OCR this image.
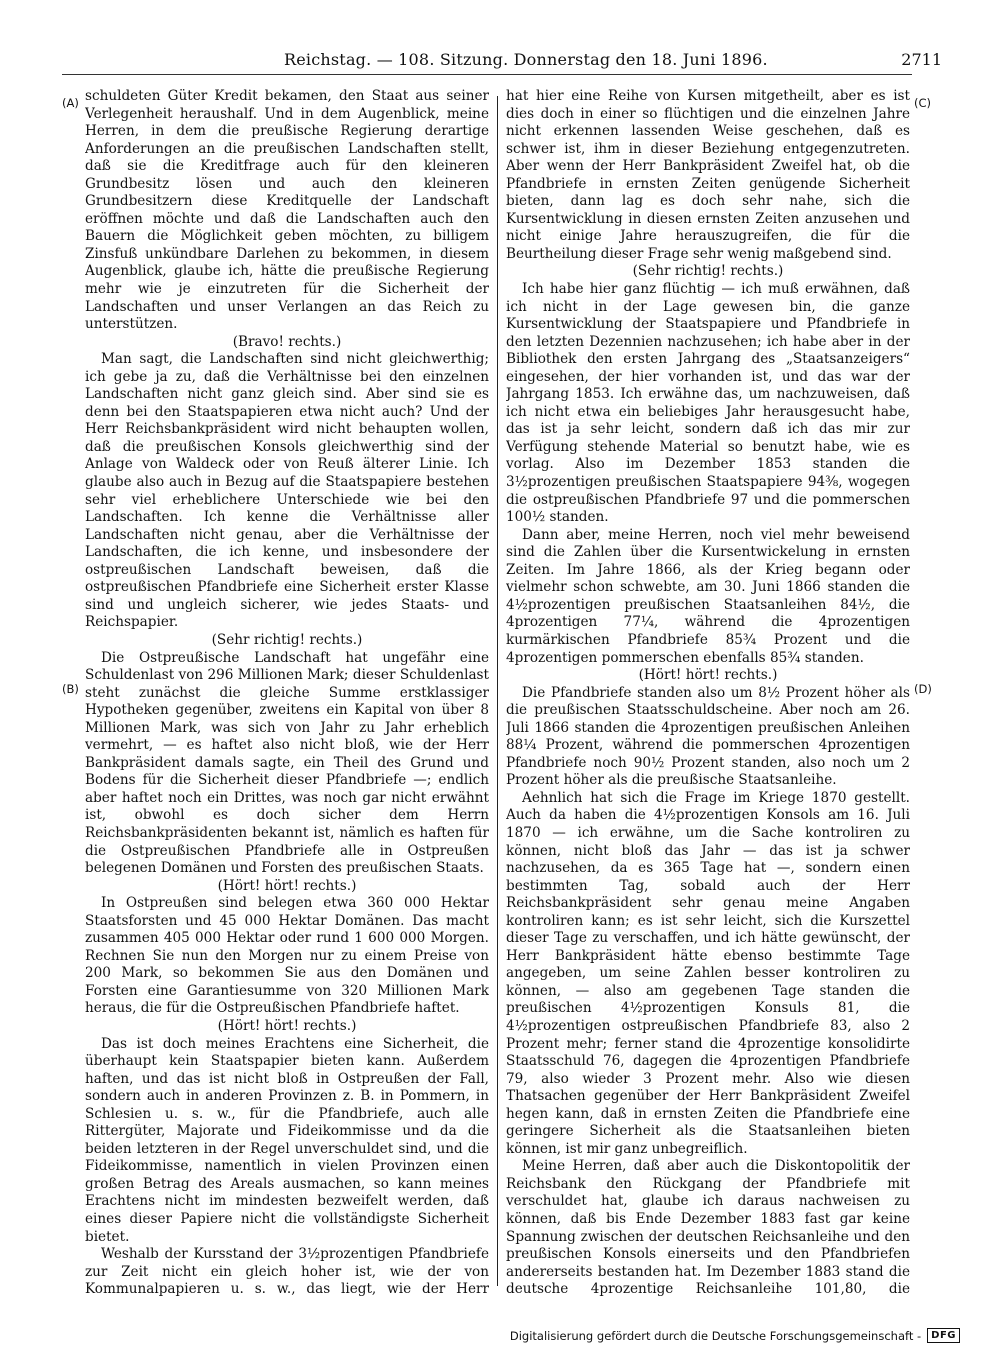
Reichstag. — 108. Sitzung. Donnerstag den 18. Juni 1896.	2711
(A)
(B)
(C)
(D)

schuldeten Güter Kredit bekamen, den Staat aus seiner Verlegenheit heraushalf. Und in dem Augenblick, meine Herren, in dem die preußische Regierung derartige Anforderungen an die preußischen Landschaften stellt, daß sie die Kreditfrage auch für den kleineren Grundbesitz lösen und auch den kleineren Grundbesitzern diese Kreditquelle der Landschaft eröffnen möchte und daß die Landschaften auch den Bauern die Möglichkeit geben möchten, zu billigem Zinsfuß unkündbare Darlehen zu bekommen, in diesem Augenblick, glaube ich, hätte die preußische Regierung mehr wie je einzutreten für die Sicherheit der Landschaften und unser Verlangen an das Reich zu unterstützen.

(Bravo! rechts.)

Man sagt, die Landschaften sind nicht gleichwerthig; ich gebe ja zu, daß die Verhältnisse bei den einzelnen Landschaften nicht ganz gleich sind. Aber sind sie es denn bei den Staatspapieren etwa nicht auch? Und der Herr Reichsbankpräsident wird nicht behaupten wollen, daß die preußischen Konsols gleichwerthig sind der Anlage von Waldeck oder von Reuß älterer Linie. Ich glaube also auch in Bezug auf die Staatspapiere bestehen sehr viel erheblichere Unterschiede wie bei den Landschaften. Ich kenne die Verhältnisse aller Landschaften nicht genau, aber die Verhältnisse der Landschaften, die ich kenne, und insbesondere der ostpreußischen Landschaft beweisen, daß die ostpreußischen Pfandbriefe eine Sicherheit erster Klasse sind und ungleich sicherer, wie jedes Staats- und Reichspapier.

(Sehr richtig! rechts.)

Die Ostpreußische Landschaft hat ungefähr eine Schuldenlast von 296 Millionen Mark; dieser Schuldenlast steht zunächst die gleiche Summe erstklassiger Hypotheken gegenüber, zweitens ein Kapital von über 8 Millionen Mark, was sich von Jahr zu Jahr erheblich vermehrt, — es haftet also nicht bloß, wie der Herr Bankpräsident damals sagte, ein Theil des Grund und Bodens für die Sicherheit dieser Pfandbriefe —; endlich aber haftet noch ein Drittes, was noch gar nicht erwähnt ist, obwohl es doch sicher dem Herrn Reichsbankpräsidenten bekannt ist, nämlich es haften für die Ostpreußischen Pfandbriefe alle in Ostpreußen belegenen Domänen und Forsten des preußischen Staats.

(Hört! hört! rechts.)

In Ostpreußen sind belegen etwa 360 000 Hektar Staatsforsten und 45 000 Hektar Domänen. Das macht zusammen 405 000 Hektar oder rund 1 600 000 Morgen. Rechnen Sie nun den Morgen nur zu einem Preise von 200 Mark, so bekommen Sie aus den Domänen und Forsten eine Garantiesumme von 320 Millionen Mark heraus, die für die Ostpreußischen Pfandbriefe haftet.

(Hört! hört! rechts.)

Das ist doch meines Erachtens eine Sicherheit, die überhaupt kein Staatspapier bieten kann. Außerdem haften, und das ist nicht bloß in Ostpreußen der Fall, sondern auch in anderen Provinzen z. B. in Pommern, in Schlesien u. s. w., für die Pfandbriefe, auch alle Rittergüter, Majorate und Fideikommisse und da die beiden letzteren in der Regel unverschuldet sind, und die Fideikommisse, namentlich in vielen Provinzen einen großen Betrag des Areals ausmachen, so kann meines Erachtens nicht im mindesten bezweifelt werden, daß eines dieser Papiere nicht die vollständigste Sicherheit bietet.

Weshalb der Kursstand der 3½prozentigen Pfandbriefe zur Zeit nicht ein gleich hoher ist, wie der von Kommunalpapieren u. s. w., das liegt, wie der Herr

hat hier eine Reihe von Kursen mitgetheilt, aber es ist dies doch in einer so flüchtigen und die einzelnen Jahre nicht erkennen lassenden Weise geschehen, daß es schwer ist, ihm in dieser Beziehung entgegenzutreten. Aber wenn der Herr Bankpräsident Zweifel hat, ob die Pfandbriefe in ernsten Zeiten genügende Sicherheit bieten, dann lag es doch sehr nahe, sich die Kursentwicklung in diesen ernsten Zeiten anzusehen und nicht einige Jahre herauszugreifen, die für die Beurtheilung dieser Frage sehr wenig maßgebend sind.

(Sehr richtig! rechts.)

Ich habe hier ganz flüchtig — ich muß erwähnen, daß ich nicht in der Lage gewesen bin, die ganze Kursentwicklung der Staatspapiere und Pfandbriefe in den letzten Dezennien nachzusehen; ich habe aber in der Bibliothek den ersten Jahrgang des „Staatsanzeigers“ eingesehen, der hier vorhanden ist, und das war der Jahrgang 1853. Ich erwähne das, um nachzuweisen, daß ich nicht etwa ein beliebiges Jahr herausgesucht habe, das ist ja sehr leicht, sondern daß ich das mir zur Verfügung stehende Material so benutzt habe, wie es vorlag. Also im Dezember 1853 standen die 3½prozentigen preußischen Staatspapiere 94⅜, wogegen die ostpreußischen Pfandbriefe 97 und die pommerschen 100½ standen.

Dann aber, meine Herren, noch viel mehr beweisend sind die Zahlen über die Kursentwickelung in ernsten Zeiten. Im Jahre 1866, als der Krieg begann oder vielmehr schon schwebte, am 30. Juni 1866 standen die 4½prozentigen preußischen Staatsanleihen 84½, die 4prozentigen 77¼, während die 4prozentigen kurmärkischen Pfandbriefe 85¾ Prozent und die 4prozentigen pommerschen ebenfalls 85¾ standen.

(Hört! hört! rechts.)

Die Pfandbriefe standen also um 8½ Prozent höher als die preußischen Staatsschuldscheine. Aber noch am 26. Juli 1866 standen die 4prozentigen preußischen Anleihen 88¼ Prozent, während die pommerschen 4prozentigen Pfandbriefe noch 90½ Prozent standen, also noch um 2 Prozent höher als die preußische Staatsanleihe.

Aehnlich hat sich die Frage im Kriege 1870 gestellt. Auch da haben die 4½prozentigen Konsols am 16. Juli 1870 — ich erwähne, um die Sache kontroliren zu können, nicht bloß das Jahr — das ist ja schwer nachzusehen, da es 365 Tage hat —, sondern einen bestimmten Tag, sobald auch der Herr Reichsbankpräsident sehr genau meine Angaben kontroliren kann; es ist sehr leicht, sich die Kurszettel dieser Tage zu verschaffen, und ich hätte gewünscht, der Herr Bankpräsident hätte ebenso bestimmte Tage angegeben, um seine Zahlen besser kontroliren zu können, — also am gegebenen Tage standen die preußischen 4½prozentigen Konsuls 81, die 4½prozentigen ostpreußischen Pfandbriefe 83, also 2 Prozent mehr; ferner stand die 4prozentige konsolidirte Staatsschuld 76, dagegen die 4prozentigen Pfandbriefe 79, also wieder 3 Prozent mehr. Also wie diesen Thatsachen gegenüber der Herr Bankpräsident Zweifel hegen kann, daß in ernsten Zeiten die Pfandbriefe eine geringere Sicherheit als die Staatsanleihen bieten können, ist mir ganz unbegreiflich.

Meine Herren, daß aber auch die Diskontopolitik der Reichsbank den Rückgang der Pfandbriefe mit verschuldet hat, glaube ich daraus nachweisen zu können, daß bis Ende Dezember 1883 fast gar keine Spannung zwischen der deutschen Reichsanleihe und den preußischen Konsols einerseits und den Pfandbriefen andererseits bestanden hat. Im Dezember 1883 stand die deutsche 4prozentige Reichsanleihe 101,80, die

Digitalisierung gefördert durch die Deutsche Forschungsgemeinschaft -	DFG
